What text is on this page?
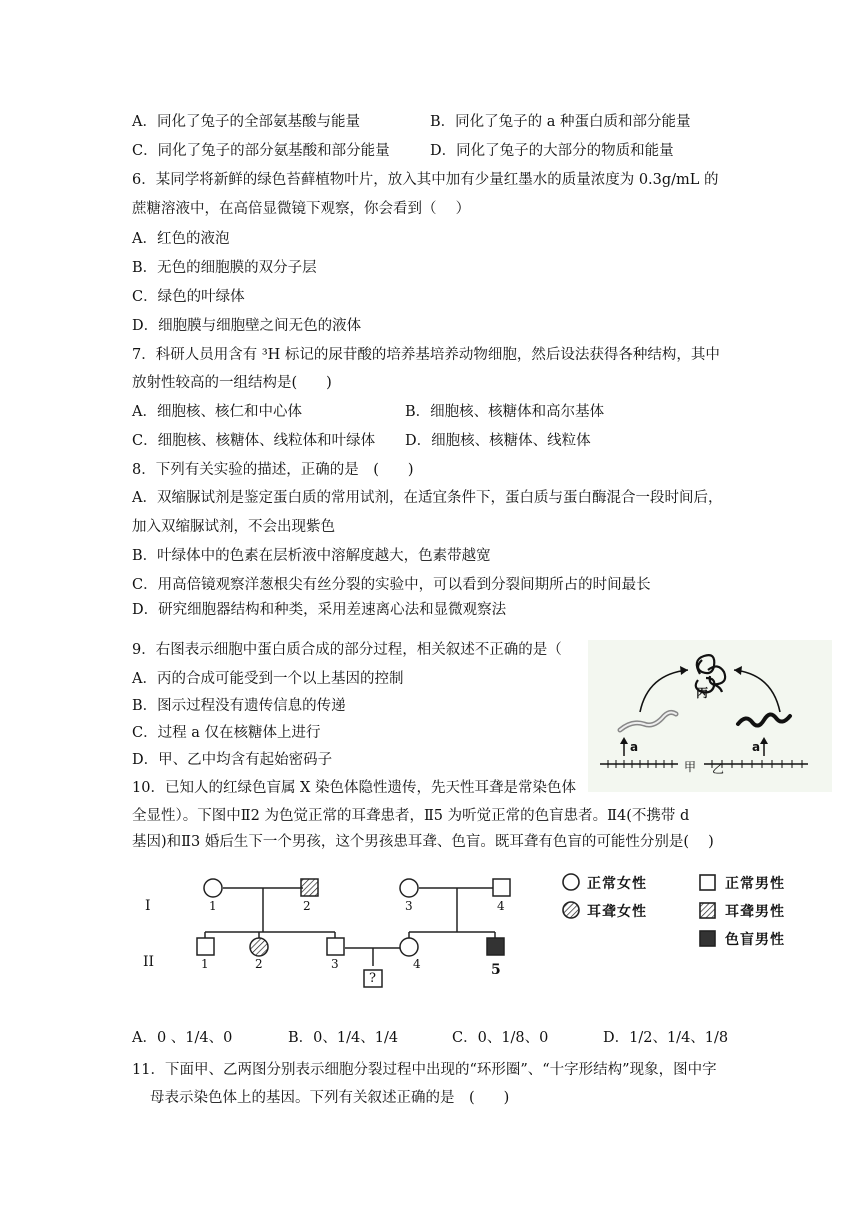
A．同化了兔子的全部氨基酸与能量	B．同化了兔子的 a 种蛋白质和部分能量
C．同化了兔子的部分氨基酸和部分能量	D．同化了兔子的大部分的物质和能量
6．某同学将新鲜的绿色苔藓植物叶片，放入其中加有少量红墨水的质量浓度为 0.3g/mL 的
蔗糖溶液中，在高倍显微镜下观察，你会看到（　 ）
A．红色的液泡
B．无色的细胞膜的双分子层
C．绿色的叶绿体
D．细胞膜与细胞壁之间无色的液体
7．科研人员用含有 ³H 标记的尿苷酸的培养基培养动物细胞，然后设法获得各种结构，其中
放射性较高的一组结构是(　　)
A．细胞核、核仁和中心体	B．细胞核、核糖体和高尔基体
C．细胞核、核糖体、线粒体和叶绿体 D．细胞核、核糖体、线粒体
8．下列有关实验的描述，正确的是　(　　)
A．双缩脲试剂是鉴定蛋白质的常用试剂，在适宜条件下，蛋白质与蛋白酶混合一段时间后，
加入双缩脲试剂，不会出现紫色
B．叶绿体中的色素在层析液中溶解度越大，色素带越宽
C．用高倍镜观察洋葱根尖有丝分裂的实验中，可以看到分裂间期所占的时间最长
D．研究细胞器结构和种类，采用差速离心法和显微观察法
9．右图表示细胞中蛋白质合成的部分过程，相关叙述不正确的是（
A．丙的合成可能受到一个以上基因的控制
B．图示过程没有遗传信息的传递
C．过程 a 仅在核糖体上进行
D．甲、乙中均含有起始密码子
丙
a	a
甲 乙
10．已知人的红绿色盲属 X 染色体隐性遗传，先天性耳聋是常染色体
全显性）。下图中Ⅱ2 为色觉正常的耳聋患者，Ⅱ5 为听觉正常的色盲患者。Ⅱ4(不携带 d
基因)和Ⅱ3 婚后生下一个男孩，这个男孩患耳聋、色盲。既耳聋有色盲的可能性分别是(　 )
I
II
1	2	3	4
1	2	3	4	5
?
正常女性
耳聋女性
正常男性
耳聋男性
色盲男性
A．0 、1/4、0	B．0、1/4、1/4	C．0、1/8、0	D．1/2、1/4、1/8
11．下面甲、乙两图分别表示细胞分裂过程中出现的“环形圈”、“十字形结构”现象，图中字
母表示染色体上的基因。下列有关叙述正确的是　(　　)
